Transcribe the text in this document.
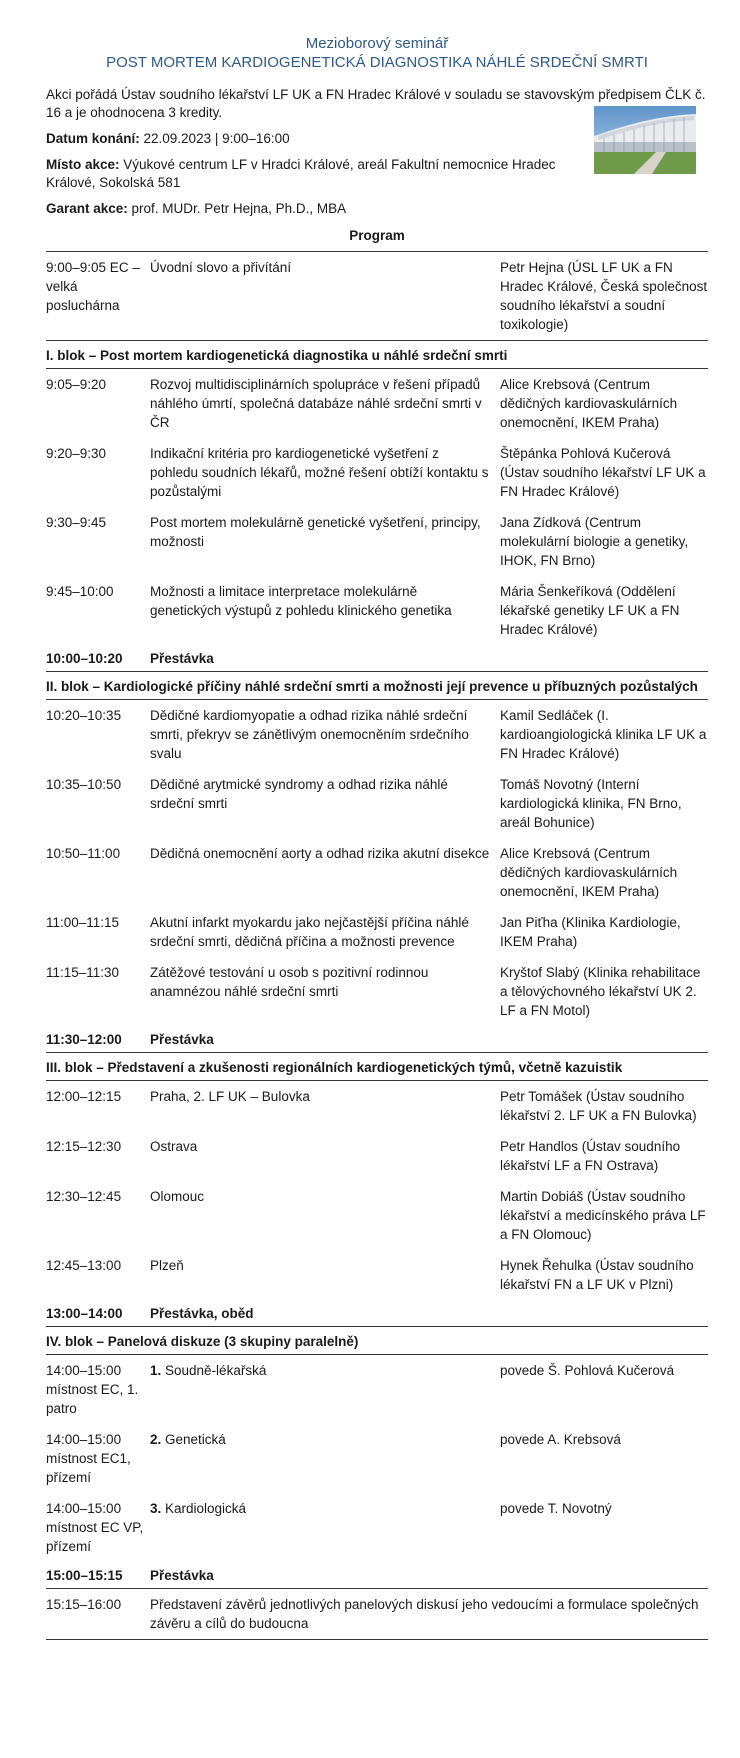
Mezioborový seminář

POST MORTEM KARDIOGENETICKÁ DIAGNOSTIKA NÁHLÉ SRDEČNÍ SMRTI

Akci pořádá Ústav soudního lékařství LF UK a FN Hradec Králové v souladu se stavovským předpisem ČLK č. 16 a je ohodnocena 3 kredity.

Datum konání: 22.09.2023 | 9:00–16:00

Místo akce: Výukové centrum LF v Hradci Králové, areál Fakultní nemocnice Hradec Králové, Sokolská 581

Garant akce: prof. MUDr. Petr Hejna, Ph.D., MBA

Program
9:00–9:05 EC – velká posluchárna	Úvodní slovo a přivítání	Petr Hejna (ÚSL LF UK a FN Hradec Králové, Česká společnost soudního lékařství a soudní toxikologie)
I. blok – Post mortem kardiogenetická diagnostika u náhlé srdeční smrti		
9:05–9:20	Rozvoj multidisciplinárních spolupráce v řešení případů náhlého úmrtí, společná databáze náhlé srdeční smrti v ČR	Alice Krebsová (Centrum dědičných kardiovaskulárních onemocnění, IKEM Praha)
9:20–9:30	Indikační kritéria pro kardiogenetické vyšetření z pohledu soudních lékařů, možné řešení obtíží kontaktu s pozůstalými	Štěpánka Pohlová Kučerová (Ústav soudního lékařství LF UK a FN Hradec Králové)
9:30–9:45	Post mortem molekulárně genetické vyšetření, principy, možnosti	Jana Zídková (Centrum molekulární biologie a genetiky, IHOK, FN Brno)
9:45–10:00	Možnosti a limitace interpretace molekulárně genetických výstupů z pohledu klinického genetika	Mária Šenkeříková (Oddělení lékařské genetiky LF UK a FN Hradec Králové)
10:00–10:20	Přestávka	
II. blok – Kardiologické příčiny náhlé srdeční smrti a možnosti její prevence u příbuzných pozůstalých		
10:20–10:35	Dědičné kardiomyopatie a odhad rizika náhlé srdeční smrti, překryv se zánětlivým onemocněním srdečního svalu	Kamil Sedláček (I. kardioangiologická klinika LF UK a FN Hradec Králové)
10:35–10:50	Dědičné arytmické syndromy a odhad rizika náhlé srdeční smrti	Tomáš Novotný (Interní kardiologická klinika, FN Brno, areál Bohunice)
10:50–11:00	Dědičná onemocnění aorty a odhad rizika akutní disekce	Alice Krebsová (Centrum dědičných kardiovaskulárních onemocnění, IKEM Praha)
11:00–11:15	Akutní infarkt myokardu jako nejčastější příčina náhlé srdeční smrti, dědičná příčina a možnosti prevence	Jan Piťha (Klinika Kardiologie, IKEM Praha)
11:15–11:30	Zátěžové testování u osob s pozitivní rodinnou anamnézou náhlé srdeční smrti	Kryštof Slabý (Klinika rehabilitace a tělovýchovného lékařství UK 2. LF a FN Motol)
11:30–12:00	Přestávka	
III. blok – Představení a zkušenosti regionálních kardiogenetických týmů, včetně kazuistik		
12:00–12:15	Praha, 2. LF UK – Bulovka	Petr Tomášek (Ústav soudního lékařství 2. LF UK a FN Bulovka)
12:15–12:30	Ostrava	Petr Handlos (Ústav soudního lékařství LF a FN Ostrava)
12:30–12:45	Olomouc	Martin Dobiáš (Ústav soudního lékařství a medicínského práva LF a FN Olomouc)
12:45–13:00	Plzeň	Hynek Řehulka (Ústav soudního lékařství FN a LF UK v Plzni)
13:00–14:00	Přestávka, oběd	
IV. blok – Panelová diskuze (3 skupiny paralelně)		
14:00–15:00 místnost EC, 1. patro	1. Soudně-lékařská	povede Š. Pohlová Kučerová
14:00–15:00 místnost EC1, přízemí	2. Genetická	povede A. Krebsová
14:00–15:00 místnost EC VP, přízemí	3. Kardiologická	povede T. Novotný
15:00–15:15	Přestávka	
15:15–16:00	Představení závěrů jednotlivých panelových diskusí jeho vedoucími a formulace společných závěru a cílů do budoucna	
